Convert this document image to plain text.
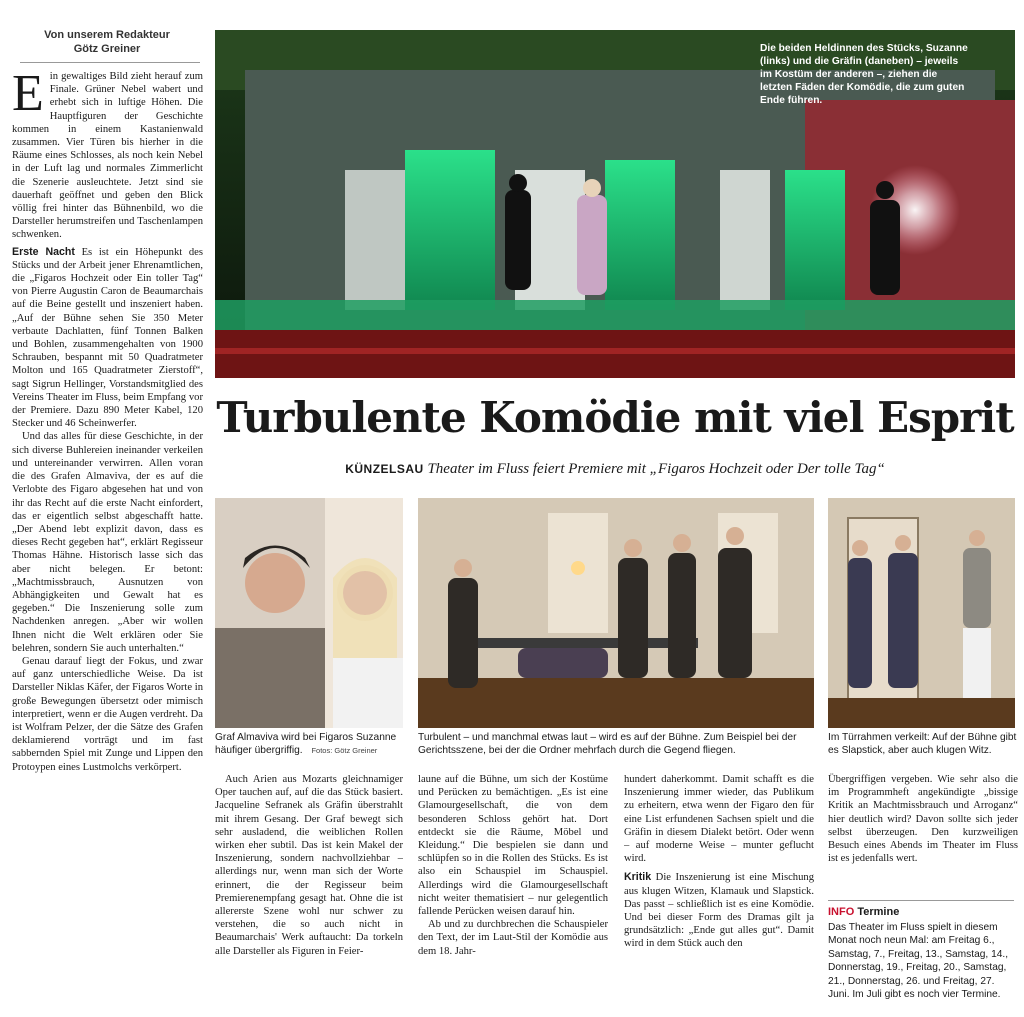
Von unserem Redakteur
Götz Greiner

Ein gewaltiges Bild zieht herauf zum Finale. Grüner Nebel wabert und erhebt sich in luftige Höhen. Die Hauptfiguren der Geschichte kommen in einem Kastanienwald zusammen. Vier Türen bis hierher in die Räume eines Schlosses, als noch kein Nebel in der Luft lag und normales Zimmerlicht die Szenerie ausleuchtete. Jetzt sind sie dauerhaft geöffnet und geben den Blick völlig frei hinter das Bühnenbild, wo die Darsteller herumstreifen und Taschenlampen schwenken.

Erste Nacht Es ist ein Höhepunkt des Stücks und der Arbeit jener Ehrenamtlichen, die „Figaros Hochzeit oder Ein toller Tag“ von Pierre Augustin Caron de Beaumarchais auf die Beine gestellt und inszeniert haben. „Auf der Bühne sehen Sie 350 Meter verbaute Dachlatten, fünf Tonnen Balken und Bohlen, zusammengehalten von 1900 Schrauben, bespannt mit 50 Quadratmeter Molton und 165 Quadratmeter Zierstoff“, sagt Sigrun Hellinger, Vorstandsmitglied des Vereins Theater im Fluss, beim Empfang vor der Premiere. Dazu 890 Meter Kabel, 120 Stecker und 46 Scheinwerfer.

Und das alles für diese Geschichte, in der sich diverse Buhlereien ineinander verkeilen und untereinander verwirren. Allen voran die des Grafen Almaviva, der es auf die Verlobte des Figaro abgesehen hat und von ihr das Recht auf die erste Nacht einfordert, das er eigentlich selbst abgeschafft hatte. „Der Abend lebt explizit davon, dass es dieses Recht gegeben hat“, erklärt Regisseur Thomas Hähne. Historisch lasse sich das aber nicht belegen. Er betont: „Machtmissbrauch, Ausnutzen von Abhängigkeiten und Gewalt hat es gegeben.“ Die Inszenierung solle zum Nachdenken anregen. „Aber wir wollen Ihnen nicht die Welt erklären oder Sie belehren, sondern Sie auch unterhalten.“

Genau darauf liegt der Fokus, und zwar auf ganz unterschiedliche Weise. Da ist Darsteller Niklas Käfer, der Figaros Worte in große Bewegungen übersetzt oder mimisch interpretiert, wenn er die Augen verdreht. Da ist Wolfram Pelzer, der die Sätze des Grafen deklamierend vorträgt und im fast sabbernden Spiel mit Zunge und Lippen den Protoypen eines Lustmolchs verkörpert.

Die beiden Heldinnen des Stücks, Suzanne (links) und die Gräfin (daneben) – jeweils im Kostüm der anderen –, ziehen die letzten Fäden der Komödie, die zum guten Ende führen.
Turbulente Komödie mit viel Esprit
KÜNZELSAU Theater im Fluss feiert Premiere mit „Figaros Hochzeit oder Der tolle Tag“
Graf Almaviva wird bei Figaros Suzanne häufiger übergriffig. Fotos: Götz Greiner
Turbulent – und manchmal etwas laut – wird es auf der Bühne. Zum Beispiel bei der Gerichtsszene, bei der die Ordner mehrfach durch die Gegend fliegen.
Im Türrahmen verkeilt: Auf der Bühne gibt es Slapstick, aber auch klugen Witz.

Auch Arien aus Mozarts gleichnamiger Oper tauchen auf, auf die das Stück basiert. Jacqueline Sefranek als Gräfin überstrahlt mit ihrem Gesang. Der Graf bewegt sich sehr ausladend, die weiblichen Rollen wirken eher subtil. Das ist kein Makel der Inszenierung, sondern nachvollziehbar – allerdings nur, wenn man sich der Worte erinnert, die der Regisseur beim Premierenempfang gesagt hat. Ohne die ist allererste Szene wohl nur schwer zu verstehen, die so auch nicht in Beaumarchais' Werk auftaucht: Da torkeln alle Darsteller als Figuren in Feier-

laune auf die Bühne, um sich der Kostüme und Perücken zu bemächtigen. „Es ist eine Glamourgesellschaft, die von dem besonderen Schloss gehört hat. Dort entdeckt sie die Räume, Möbel und Kleidung.“ Die bespielen sie dann und schlüpfen so in die Rollen des Stücks. Es ist also ein Schauspiel im Schauspiel. Allerdings wird die Glamourgesellschaft nicht weiter thematisiert – nur gelegentlich fallende Perücken weisen darauf hin.

Ab und zu durchbrechen die Schauspieler den Text, der im Laut-Stil der Komödie aus dem 18. Jahr-

hundert daherkommt. Damit schafft es die Inszenierung immer wieder, das Publikum zu erheitern, etwa wenn der Figaro den für eine List erfundenen Sachsen spielt und die Gräfin in diesem Dialekt betört. Oder wenn – auf moderne Weise – munter geflucht wird.

Kritik Die Inszenierung ist eine Mischung aus klugen Witzen, Klamauk und Slapstick. Das passt – schließlich ist es eine Komödie. Und bei dieser Form des Dramas gilt ja grundsätzlich: „Ende gut alles gut“. Damit wird in dem Stück auch den

Übergriffigen vergeben. Wie sehr also die im Programmheft angekündigte „bissige Kritik an Machtmissbrauch und Arroganz“ hier deutlich wird? Davon sollte sich jeder selbst überzeugen. Den kurzweiligen Besuch eines Abends im Theater im Fluss ist es jedenfalls wert.

INFO Termine
Das Theater im Fluss spielt in diesem Monat noch neun Mal: am Freitag 6., Samstag, 7., Freitag, 13., Samstag, 14., Donnerstag, 19., Freitag, 20., Samstag, 21., Donnerstag, 26. und Freitag, 27. Juni. Im Juli gibt es noch vier Termine.
